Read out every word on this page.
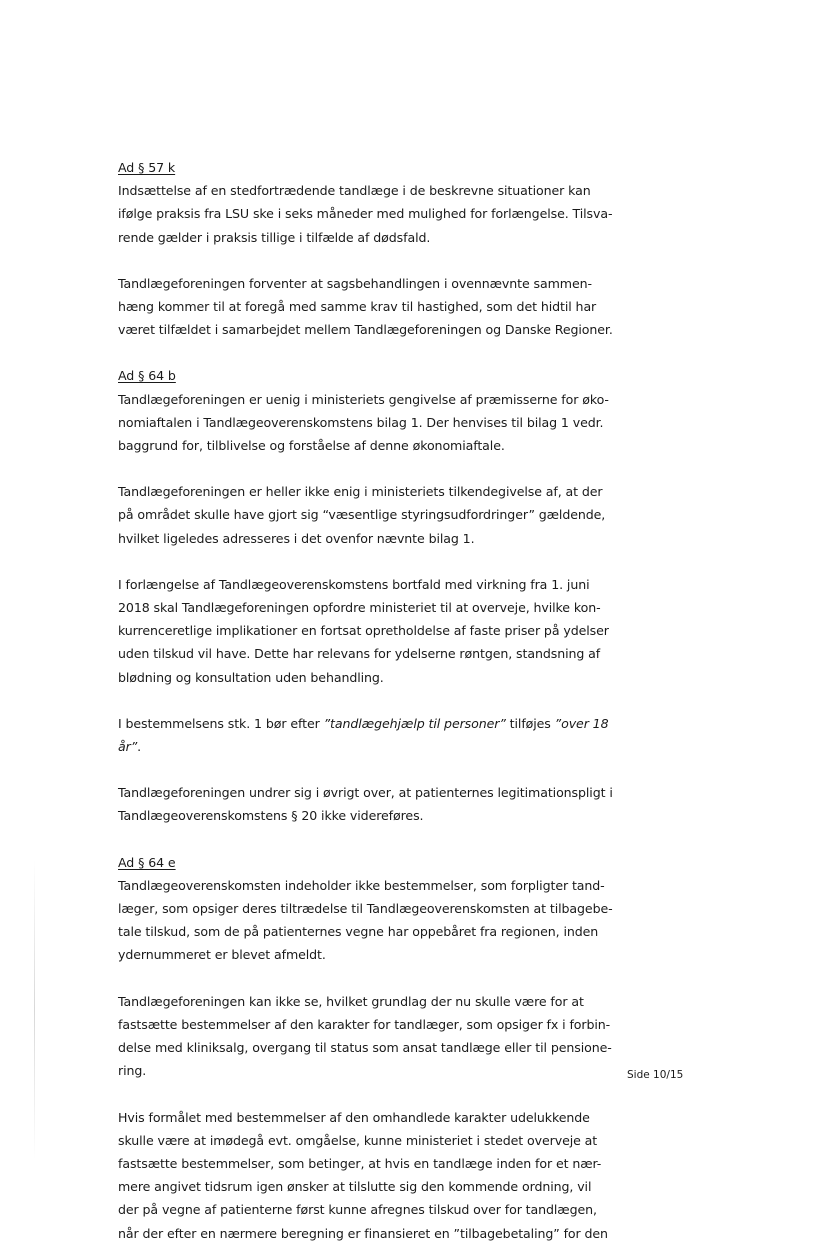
Ad § 57 k

Indsættelse af en stedfortrædende tandlæge i de beskrevne situationer kan
ifølge praksis fra LSU ske i seks måneder med mulighed for forlængelse. Tilsva-
rende gælder i praksis tillige i tilfælde af dødsfald.

Tandlægeforeningen forventer at sagsbehandlingen i ovennævnte sammen-
hæng kommer til at foregå med samme krav til hastighed, som det hidtil har
været tilfældet i samarbejdet mellem Tandlægeforeningen og Danske Regioner.

Ad § 64 b

Tandlægeforeningen er uenig i ministeriets gengivelse af præmisserne for øko-
nomiaftalen i Tandlægeoverenskomstens bilag 1. Der henvises til bilag 1 vedr.
baggrund for, tilblivelse og forståelse af denne økonomiaftale.

Tandlægeforeningen er heller ikke enig i ministeriets tilkendegivelse af, at der
på området skulle have gjort sig “væsentlige styringsudfordringer” gældende,
hvilket ligeledes adresseres i det ovenfor nævnte bilag 1.

I forlængelse af Tandlægeoverenskomstens bortfald med virkning fra 1. juni
2018 skal Tandlægeforeningen opfordre ministeriet til at overveje, hvilke kon-
kurrenceretlige implikationer en fortsat opretholdelse af faste priser på ydelser
uden tilskud vil have. Dette har relevans for ydelserne røntgen, standsning af
blødning og konsultation uden behandling.

I bestemmelsens stk. 1 bør efter ”tandlægehjælp til personer” tilføjes ”over 18
år”.

Tandlægeforeningen undrer sig i øvrigt over, at patienternes legitimationspligt i
Tandlægeoverenskomstens § 20 ikke videreføres.

Ad § 64 e

Tandlægeoverenskomsten indeholder ikke bestemmelser, som forpligter tand-
læger, som opsiger deres tiltrædelse til Tandlægeoverenskomsten at tilbagebe-
tale tilskud, som de på patienternes vegne har oppebåret fra regionen, inden
ydernummeret er blevet afmeldt.

Tandlægeforeningen kan ikke se, hvilket grundlag der nu skulle være for at
fastsætte bestemmelser af den karakter for tandlæger, som opsiger fx i forbin-
delse med kliniksalg, overgang til status som ansat tandlæge eller til pensione-
ring.

Hvis formålet med bestemmelser af den omhandlede karakter udelukkende
skulle være at imødegå evt. omgåelse, kunne ministeriet i stedet overveje at
fastsætte bestemmelser, som betinger, at hvis en tandlæge inden for et nær-
mere angivet tidsrum igen ønsker at tilslutte sig den kommende ordning, vil
der på vegne af patienterne først kunne afregnes tilskud over for tandlægen,
når der efter en nærmere beregning er finansieret en ”tilbagebetaling” for den

Side 10/15
